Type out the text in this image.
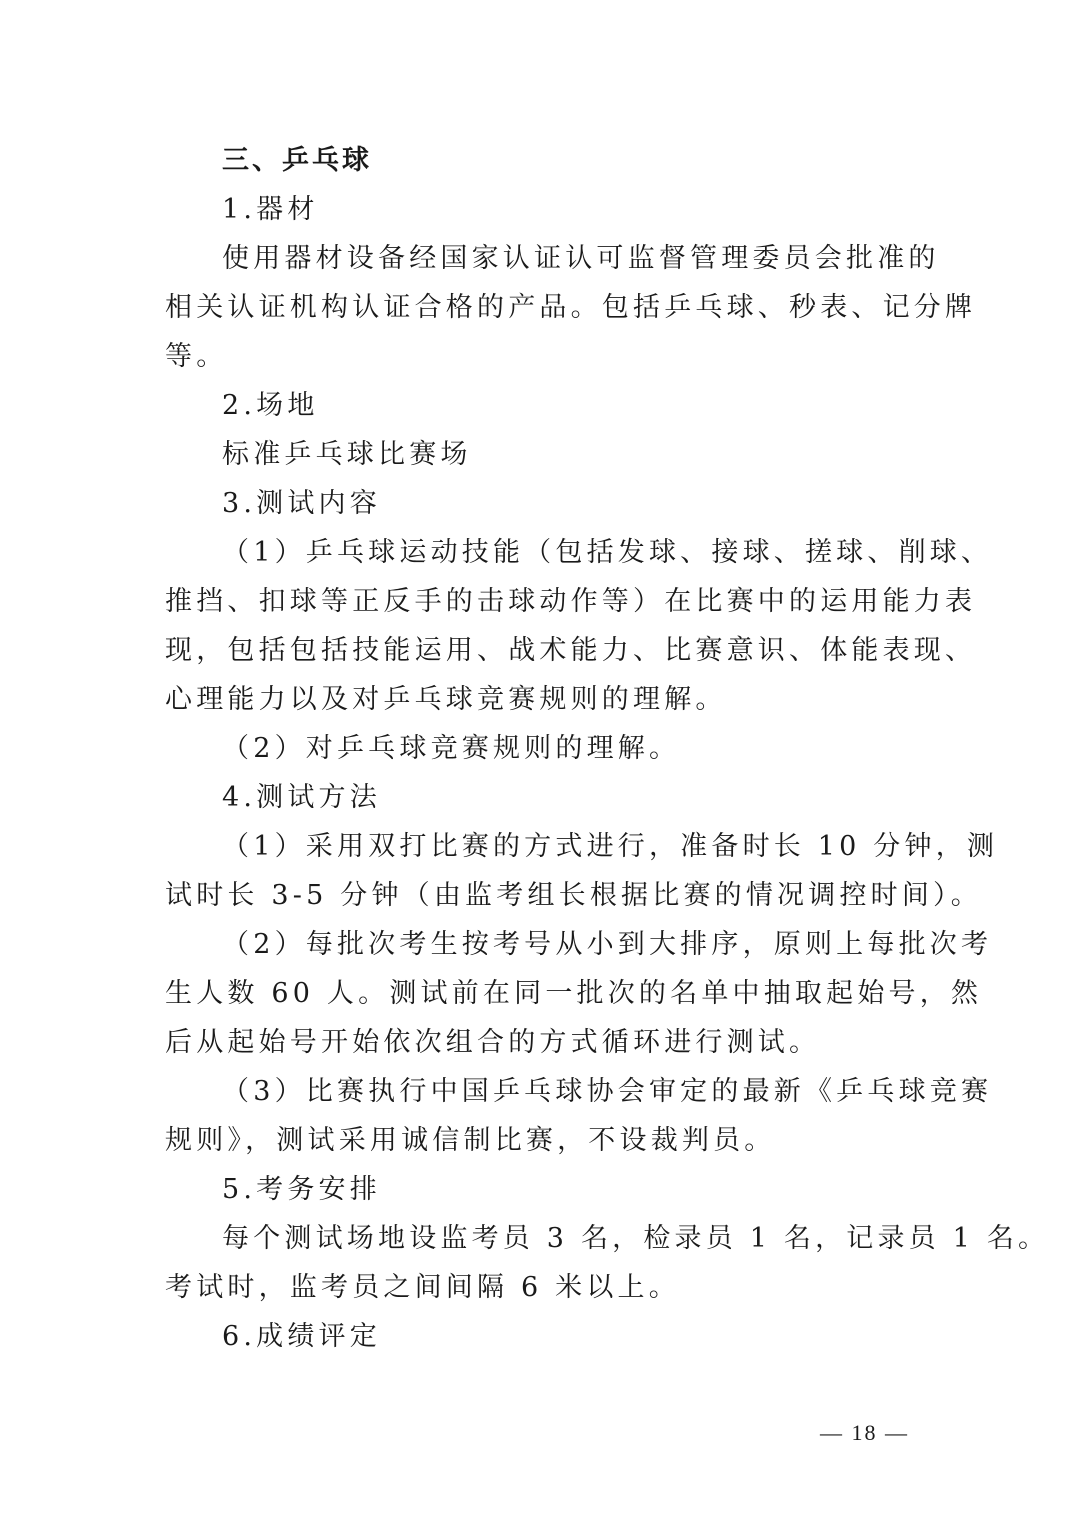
三、乒乓球

1.器材

使用器材设备经国家认证认可监督管理委员会批准的

相关认证机构认证合格的产品。包括乒乓球、秒表、记分牌

等。

2.场地

标准乒乓球比赛场

3.测试内容

（1）乒乓球运动技能（包括发球、接球、搓球、削球、

推挡、扣球等正反手的击球动作等）在比赛中的运用能力表

现，包括包括技能运用、战术能力、比赛意识、体能表现、

心理能力以及对乒乓球竞赛规则的理解。

（2）对乒乓球竞赛规则的理解。

4.测试方法

（1）采用双打比赛的方式进行，准备时长 10 分钟，测

试时长 3-5 分钟（由监考组长根据比赛的情况调控时间）。

（2）每批次考生按考号从小到大排序，原则上每批次考

生人数 60 人。测试前在同一批次的名单中抽取起始号，然

后从起始号开始依次组合的方式循环进行测试。

（3）比赛执行中国乒乓球协会审定的最新《乒乓球竞赛

规则》，测试采用诚信制比赛，不设裁判员。

5.考务安排

每个测试场地设监考员 3 名，检录员 1 名，记录员 1 名。

考试时，监考员之间间隔 6 米以上。

6.成绩评定

— 18 —
